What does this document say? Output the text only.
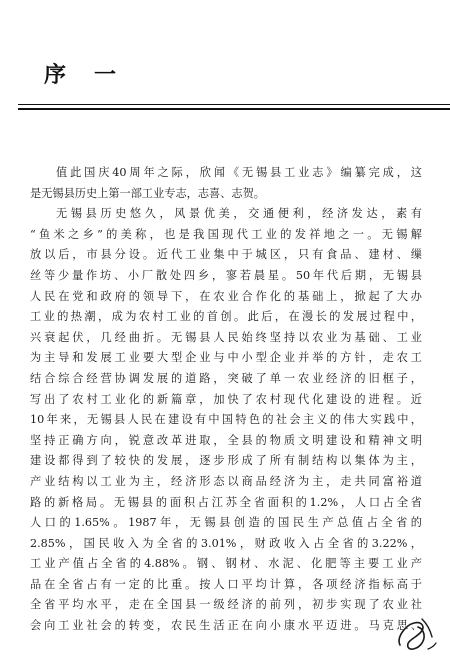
序 一
值此国庆40周年之际，欣闻《无锡县工业志》编纂完成，这
是无锡县历史上第一部工业专志，志喜、志贺。
无锡县历史悠久，风景优美，交通便利，经济发达，素有
“鱼米之乡”的美称，也是我国现代工业的发祥地之一。无锡解
放以后，市县分设。近代工业集中于城区，只有食品、建材、缫
丝等少量作坊、小厂散处四乡，寥若晨星。50年代后期，无锡县
人民在党和政府的领导下，在农业合作化的基础上，掀起了大办
工业的热潮，成为农村工业的首创。此后，在漫长的发展过程中，
兴衰起伏，几经曲折。无锡县人民始终坚持以农业为基础、工业
为主导和发展工业要大型企业与中小型企业并举的方针，走农工
结合综合经营协调发展的道路，突破了单一农业经济的旧框子，
写出了农村工业化的新篇章，加快了农村现代化建设的进程。近
10年来，无锡县人民在建设有中国特色的社会主义的伟大实践中，
坚持正确方向，锐意改革进取，全县的物质文明建设和精神文明
建设都得到了较快的发展，逐步形成了所有制结构以集体为主，
产业结构以工业为主，经济形态以商品经济为主，走共同富裕道
路的新格局。无锡县的面积占江苏全省面积的1.2%，人口占全省
人口的1.65%。1987年，无锡县创造的国民生产总值占全省的
2.85%，国民收入为全省的3.01%，财政收入占全省的3.22%，
工业产值占全省的4.88%。钢、钢材、水泥、化肥等主要工业产
品在全省占有一定的比重。按人口平均计算，各项经济指标高于
全省平均水平，走在全国县一级经济的前列，初步实现了农业社
会向工业社会的转变，农民生活正在向小康水平迈进。马克思、
